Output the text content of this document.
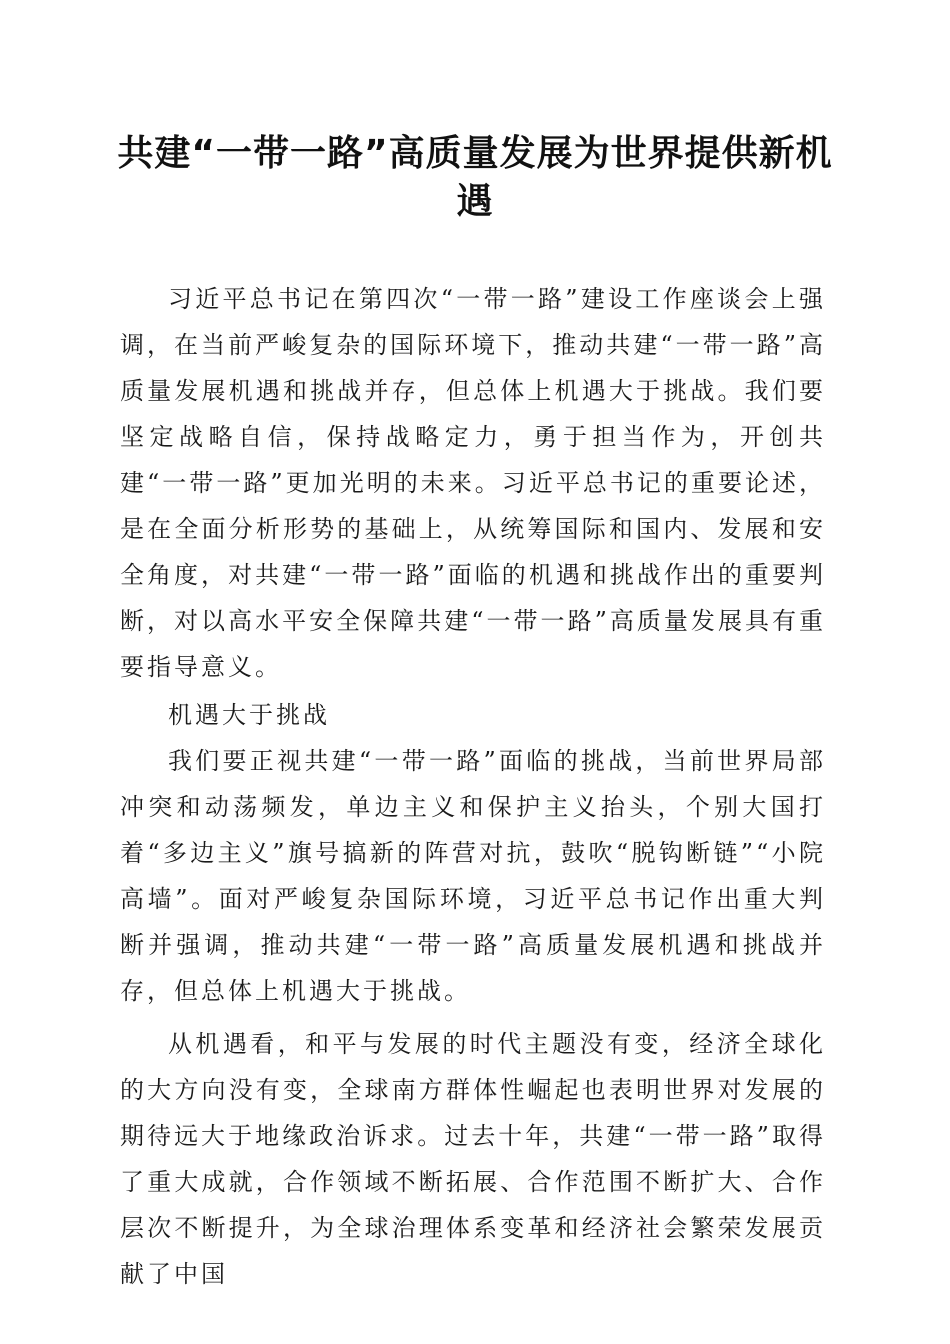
共建“一带一路”高质量发展为世界提供新机遇

习近平总书记在第四次“一带一路”建设工作座谈会上强调，在当前严峻复杂的国际环境下，推动共建“一带一路”高质量发展机遇和挑战并存，但总体上机遇大于挑战。我们要坚定战略自信，保持战略定力，勇于担当作为，开创共建“一带一路”更加光明的未来。习近平总书记的重要论述，是在全面分析形势的基础上，从统筹国际和国内、发展和安全角度，对共建“一带一路”面临的机遇和挑战作出的重要判断，对以高水平安全保障共建“一带一路”高质量发展具有重要指导意义。

机遇大于挑战

我们要正视共建“一带一路”面临的挑战，当前世界局部冲突和动荡频发，单边主义和保护主义抬头，个别大国打着“多边主义”旗号搞新的阵营对抗，鼓吹“脱钩断链”“小院高墙”。面对严峻复杂国际环境，习近平总书记作出重大判断并强调，推动共建“一带一路”高质量发展机遇和挑战并存，但总体上机遇大于挑战。

从机遇看，和平与发展的时代主题没有变，经济全球化的大方向没有变，全球南方群体性崛起也表明世界对发展的期待远大于地缘政治诉求。过去十年，共建“一带一路”取得了重大成就，合作领域不断拓展、合作范围不断扩大、合作层次不断提升，为全球治理体系变革和经济社会繁荣发展贡献了中国
